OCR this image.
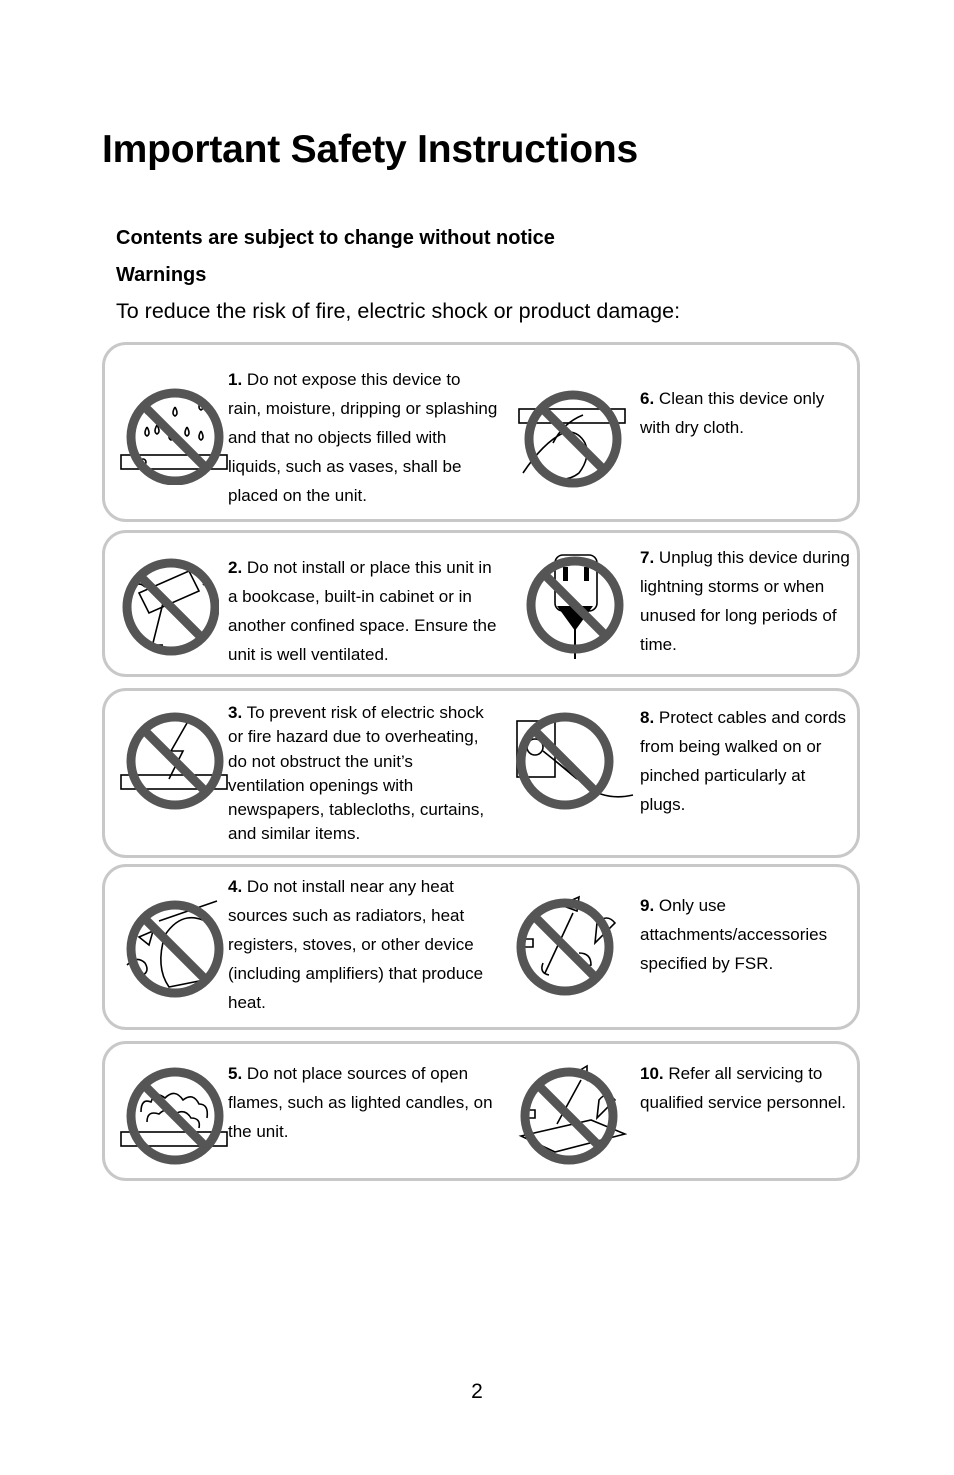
Important Safety Instructions

Contents are subject to change without notice

Warnings

To reduce the risk of fire, electric shock or product damage:

1. Do not expose this device to rain, moisture, dripping or splashing and that no objects filled with liquids, such as vases, shall be placed on the unit.

6. Clean this device only with dry cloth.

2. Do not install or place this unit in a bookcase, built-in cabinet or in another confined space. Ensure the unit is well ventilated.

7. Unplug this device during lightning storms or when unused for long periods of time.

3. To prevent risk of electric shock or fire hazard due to overheating, do not obstruct the unit’s ventilation openings with newspapers, tablecloths, curtains, and similar items.

8. Protect cables and cords from being walked on or pinched particularly at plugs.

4. Do not install near any heat sources such as radiators, heat registers, stoves, or other device (including amplifiers) that produce heat.

9. Only use attachments/accessories specified by FSR.

5. Do not place sources of open flames, such as lighted candles, on the unit.

10. Refer all servicing to qualified service personnel.

2
